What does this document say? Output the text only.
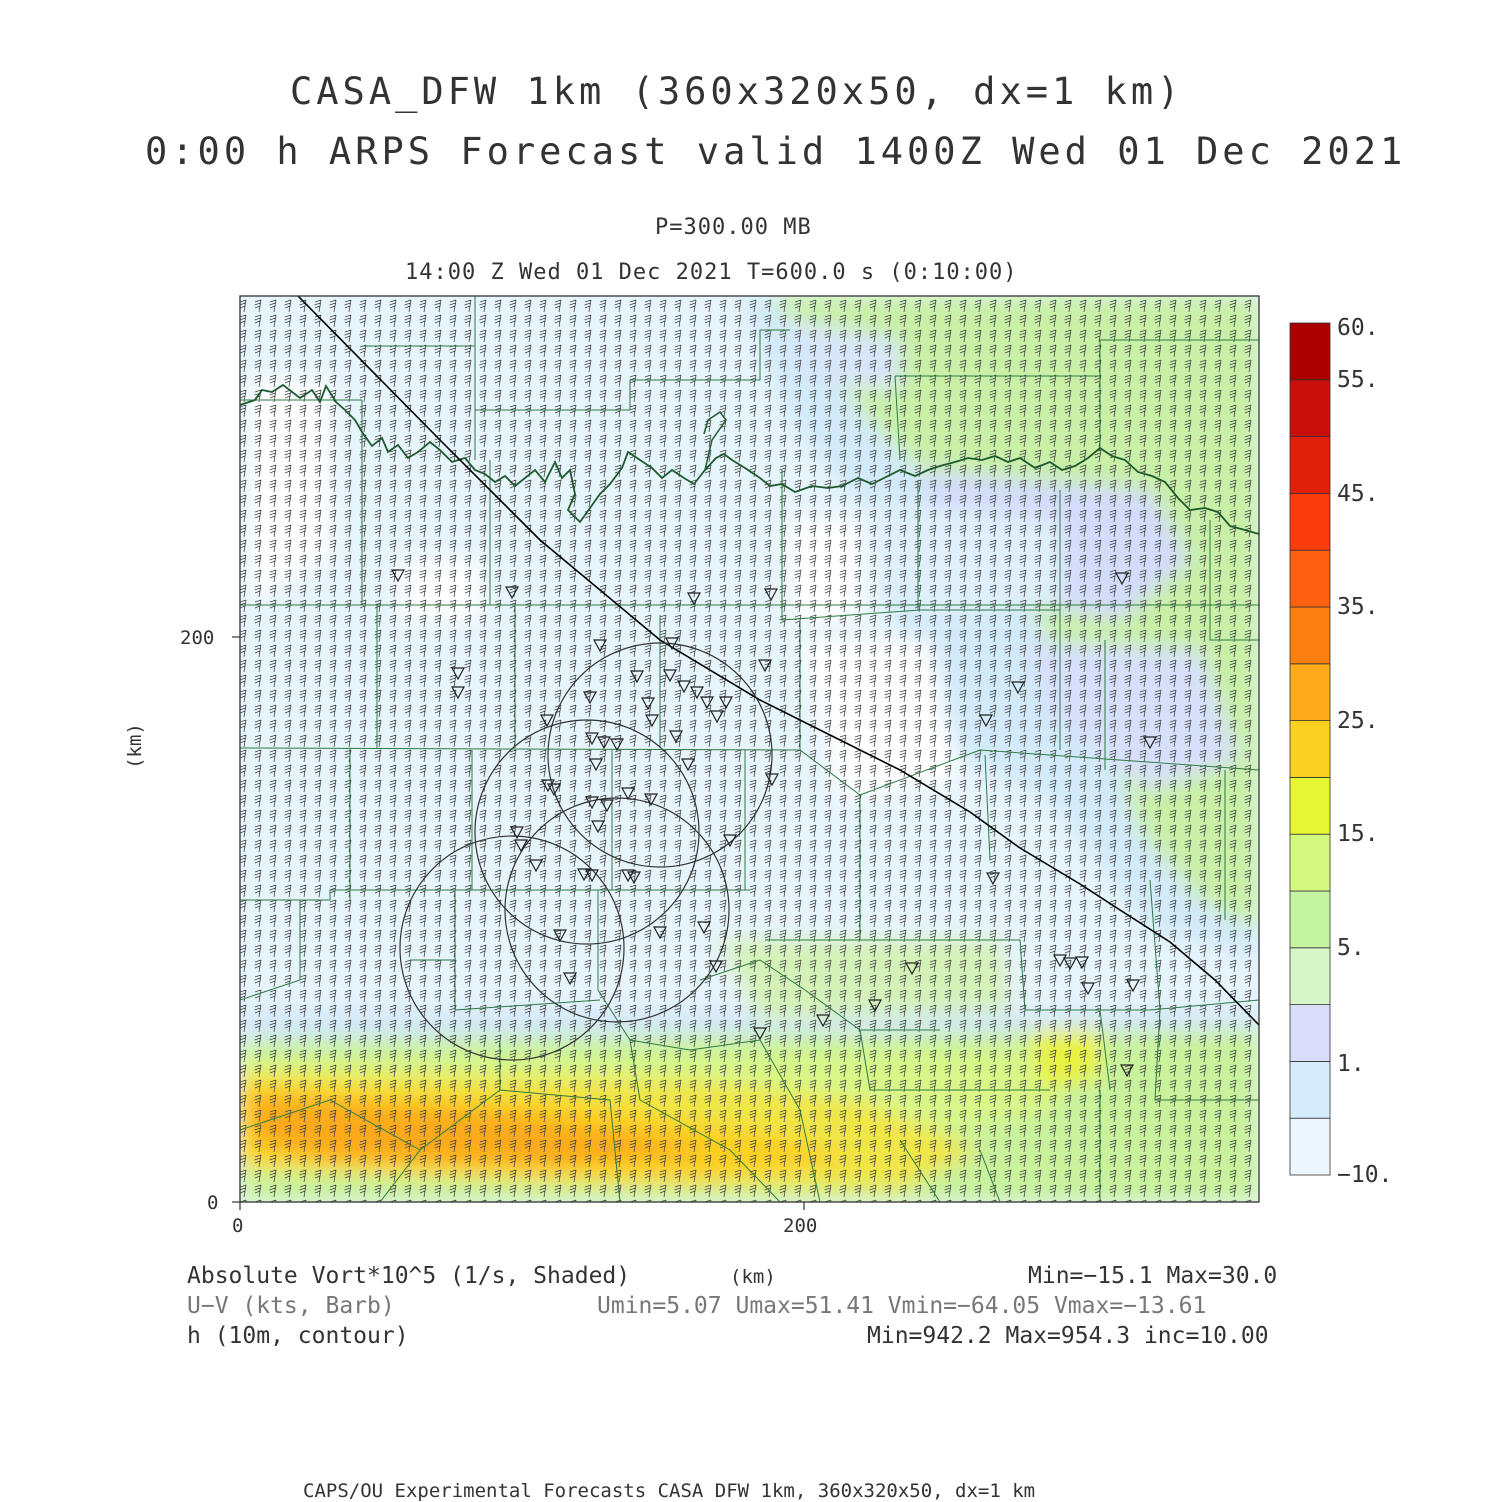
CASA_DFW 1km (360x320x50, dx=1 km)
0:00 h ARPS Forecast valid 1400Z Wed 01 Dec 2021
P=300.00 MB
14:00 Z Wed 01 Dec 2021 T=600.0 s (0:10:00)
0
200
0	200
(km)
60.
55.
45.
35.
25.
15.
5.
1.
−10.
Absolute Vort*10^5 (1/s, Shaded)	(km)	Min=−15.1 Max=30.0
U−V (kts, Barb)	Umin=5.07 Umax=51.41 Vmin=−64.05 Vmax=−13.61
h (10m, contour)	Min=942.2 Max=954.3 inc=10.00
CAPS/OU Experimental Forecasts CASA DFW 1km, 360x320x50, dx=1 km
